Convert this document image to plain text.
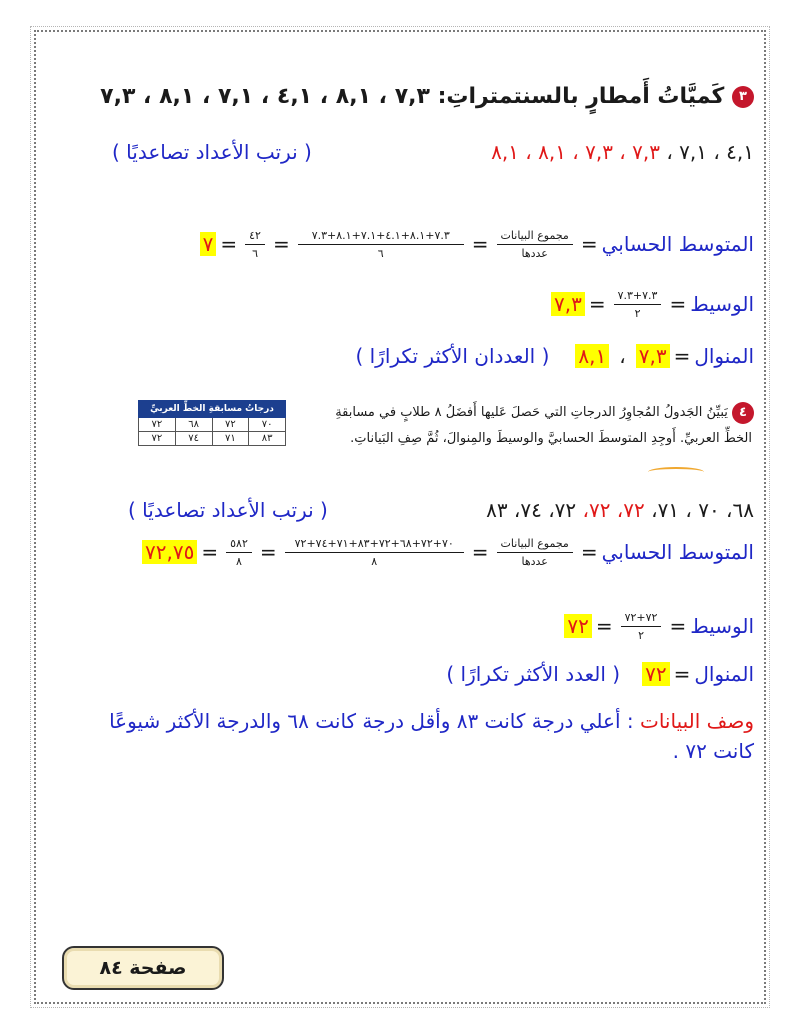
٣ كَميَّاتُ أَمطارٍ بالسنتمتراتِ: ٧,٣ ، ٨,١ ، ٤,١ ، ٧,١ ، ٨,١ ، ٧,٣
٤,١ ، ٧,١ ، ٧,٣ ، ٧,٣ ، ٨,١ ، ٨,١
( نرتب الأعداد تصاعديًا )
المتوسط الحسابي
=
$\frac{\text{مجموع البيانات}}{\text{عددها}}$
=
$\frac{٧.٣+٨.١+٤.١+٧.١+٨.١+٧.٣}{٦}$
=
$\frac{٤٢}{٦}$
=
٧
الوسيط
=
$\frac{٧.٣+٧.٣}{٢}$
=
٧,٣
المنوال
=
٧,٣
،
٨,١
( العددان الأكثر تكرارًا )
٤ يَبيِّنُ الجَدولُ المُجاوِرُ الدرجاتِ التي حَصلَ عَليها أَفضَلُ ٨ طلابٍ في مسابقةِ
الخطِّ العربيِّ. أَوجِدِ المتوسطَ الحسابيَّ والوسيطَ والمِنوالَ، ثُمَّ صِفِ البَياناتِ.
درجاتُ مسابقةِ الخطِّ العربيِّ			
٧٠	٧٢	٦٨	٧٢
٨٣	٧١	٧٤	٧٢
٦٨، ٧٠ ، ٧١، ٧٢، ٧٢، ٧٢، ٧٤، ٨٣
( نرتب الأعداد تصاعديًا )
المتوسط الحسابي
=
$\frac{\text{مجموع البيانات}}{\text{عددها}}$
=
$\frac{٧٠+٧٢+٦٨+٧٢+٨٣+٧١+٧٤+٧٢}{٨}$
=
$\frac{٥٨٢}{٨}$
=
٧٢,٧٥
الوسيط
=
$\frac{٧٢+٧٢}{٢}$
=
٧٢
المنوال
=
٧٢
( العدد الأكثر تكرارًا )
وصف البيانات : أعلي درجة كانت ٨٣ وأقل درجة كانت ٦٨ والدرجة الأكثر شيوعًا
كانت ٧٢ .
صفحة ٨٤
